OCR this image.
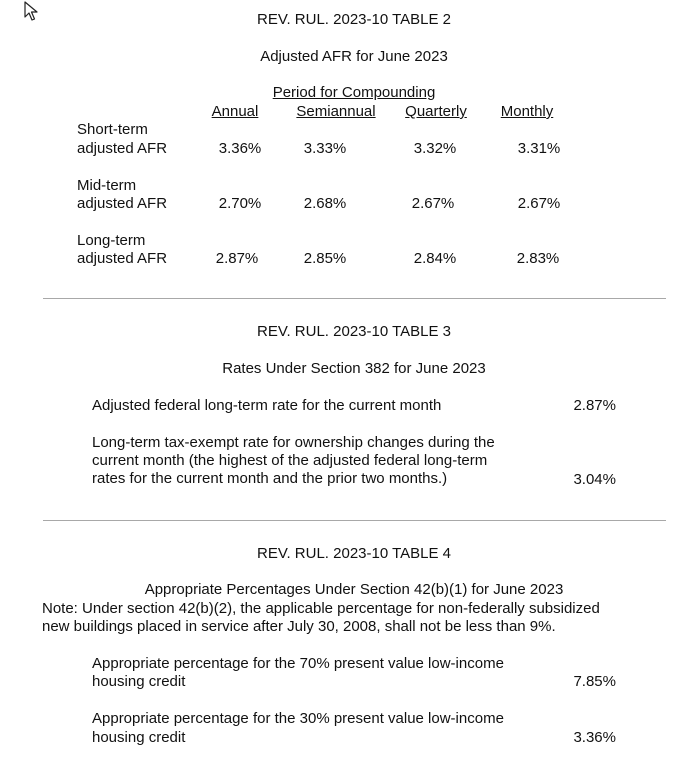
REV. RUL. 2023-10 TABLE 2
Adjusted AFR for June 2023
Period for Compounding
Annual	Semiannual Quarterly Monthly
Short-term
adjusted AFR	3.36%	3.33%	3.32%	3.31%
Mid-term
adjusted AFR	2.70%	2.68%	2.67%	2.67%
Long-term
adjusted AFR	2.87%	2.85%	2.84%	2.83%
REV. RUL. 2023-10 TABLE 3
Rates Under Section 382 for June 2023
Adjusted federal long-term rate for the current month	2.87%
Long-term tax-exempt rate for ownership changes during the
current month (the highest of the adjusted federal long-term
rates for the current month and the prior two months.)	3.04%
REV. RUL. 2023-10 TABLE 4
Appropriate Percentages Under Section 42(b)(1) for June 2023
Note: Under section 42(b)(2), the applicable percentage for non-federally subsidized
new buildings placed in service after July 30, 2008, shall not be less than 9%.
Appropriate percentage for the 70% present value low-income
housing credit	7.85%
Appropriate percentage for the 30% present value low-income
housing credit	3.36%
